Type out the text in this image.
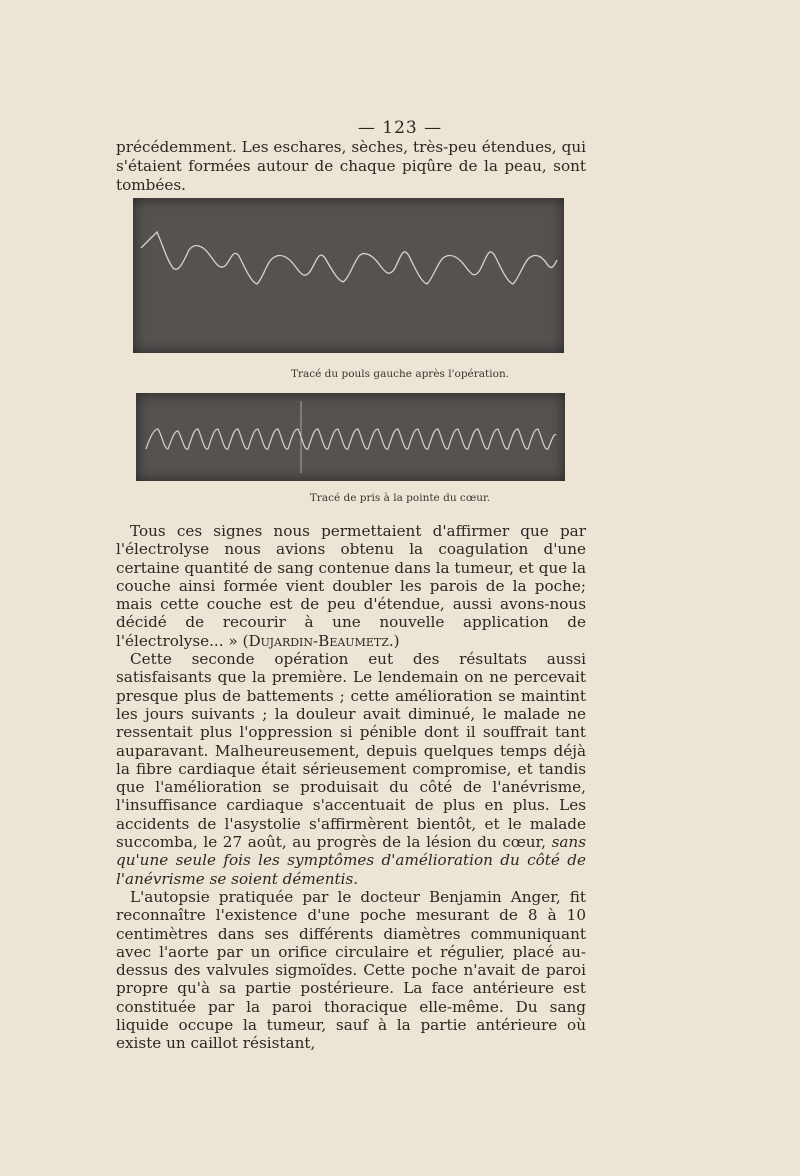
— 123 —

précédemment. Les eschares, sèches, très-peu étendues, qui s'étaient formées autour de chaque piqûre de la peau, sont tombées.

Tracé du pouls gauche après l'opération.
Tracé de pris à la pointe du cœur.

Tous ces signes nous permettaient d'affirmer que par l'électrolyse nous avions obtenu la coagulation d'une certaine quantité de sang contenue dans la tumeur, et que la couche ainsi formée vient doubler les parois de la poche; mais cette couche est de peu d'étendue, aussi avons-nous décidé de recourir à une nouvelle application de l'électrolyse... » (Dujardin-Beaumetz.)

Cette seconde opération eut des résultats aussi satisfaisants que la première. Le lendemain on ne percevait presque plus de battements ; cette amélioration se maintint les jours suivants ; la douleur avait diminué, le malade ne ressentait plus l'oppression si pénible dont il souffrait tant auparavant. Malheureusement, depuis quelques temps déjà la fibre cardiaque était sérieusement compromise, et tandis que l'amélioration se produisait du côté de l'anévrisme, l'insuffisance cardiaque s'accentuait de plus en plus. Les accidents de l'asystolie s'affirmèrent bientôt, et le malade succomba, le 27 août, au progrès de la lésion du cœur, sans qu'une seule fois les symptômes d'amélioration du côté de l'anévrisme se soient démentis.

L'autopsie pratiquée par le docteur Benjamin Anger, fit reconnaître l'existence d'une poche mesurant de 8 à 10 centimètres dans ses différents diamètres communiquant avec l'aorte par un orifice circulaire et régulier, placé au-dessus des valvules sigmoïdes. Cette poche n'avait de paroi propre qu'à sa partie postérieure. La face antérieure est constituée par la paroi thoracique elle-même. Du sang liquide occupe la tumeur, sauf à la partie antérieure où existe un caillot résistant,
